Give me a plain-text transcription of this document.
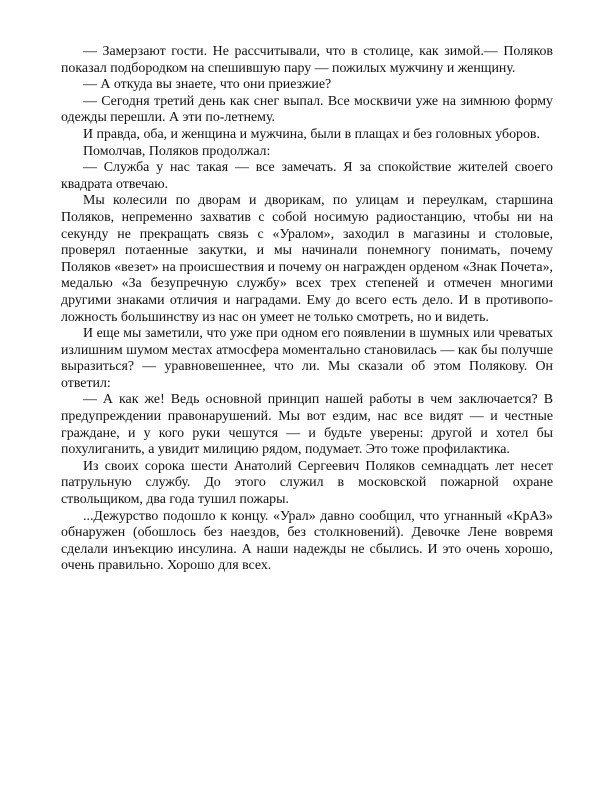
— Замерзают гости. Не рассчитывали, что в столице, как зимой.— Поляков показал подбородком на спешившую пару — пожилых мужчину и женщину.

— А откуда вы знаете, что они приезжие?

— Сегодня третий день как снег выпал. Все москвичи уже на зимнюю форму одежды перешли. А эти по-летнему.

И правда, оба, и женщина и мужчина, были в плащах и без головных уборов.

Помолчав, Поляков продолжал:

— Служба у нас такая — все замечать. Я за спокойствие жителей своего квадрата отвечаю.

Мы колесили по дворам и дворикам, по улицам и переулкам, старшина Поляков, непременно захватив с собой носимую радиостанцию, чтобы ни на секунду не прекращать связь с «Уралом», заходил в магазины и столовые, проверял потаенные закутки, и мы начинали понемногу понимать, почему Поляков «везет» на происшествия и почему он награжден орденом «Знак Почета», медалью «За безупречную службу» всех трех степеней и отмечен многими другими знаками отличия и наградами. Ему до всего есть дело. И в противоположность большинству из нас он умеет не только смотреть, но и видеть.

И еще мы заметили, что уже при одном его появлении в шумных или чреватых излишним шумом местах атмосфера моментально становилась — как бы получше выразиться? — уравновешеннее, что ли. Мы сказали об этом Полякову. Он ответил:

— А как же! Ведь основной принцип нашей работы в чем заключается? В предупреждении правонарушений. Мы вот ездим, нас все видят — и честные граждане, и у кого руки чешутся — и будьте уверены: другой и хотел бы похулиганить, а увидит милицию рядом, подумает. Это тоже профилактика.

Из своих сорока шести Анатолий Сергеевич Поляков семнадцать лет несет патрульную службу. До этого служил в московской пожарной охране ствольщиком, два года тушил пожары.

...Дежурство подошло к концу. «Урал» давно сообщил, что угнанный «КрАЗ» обнаружен (обошлось без наездов, без столкновений). Девочке Лене вовремя сделали инъекцию инсулина. А наши надежды не сбылись. И это очень хорошо, очень правильно. Хорошо для всех.
